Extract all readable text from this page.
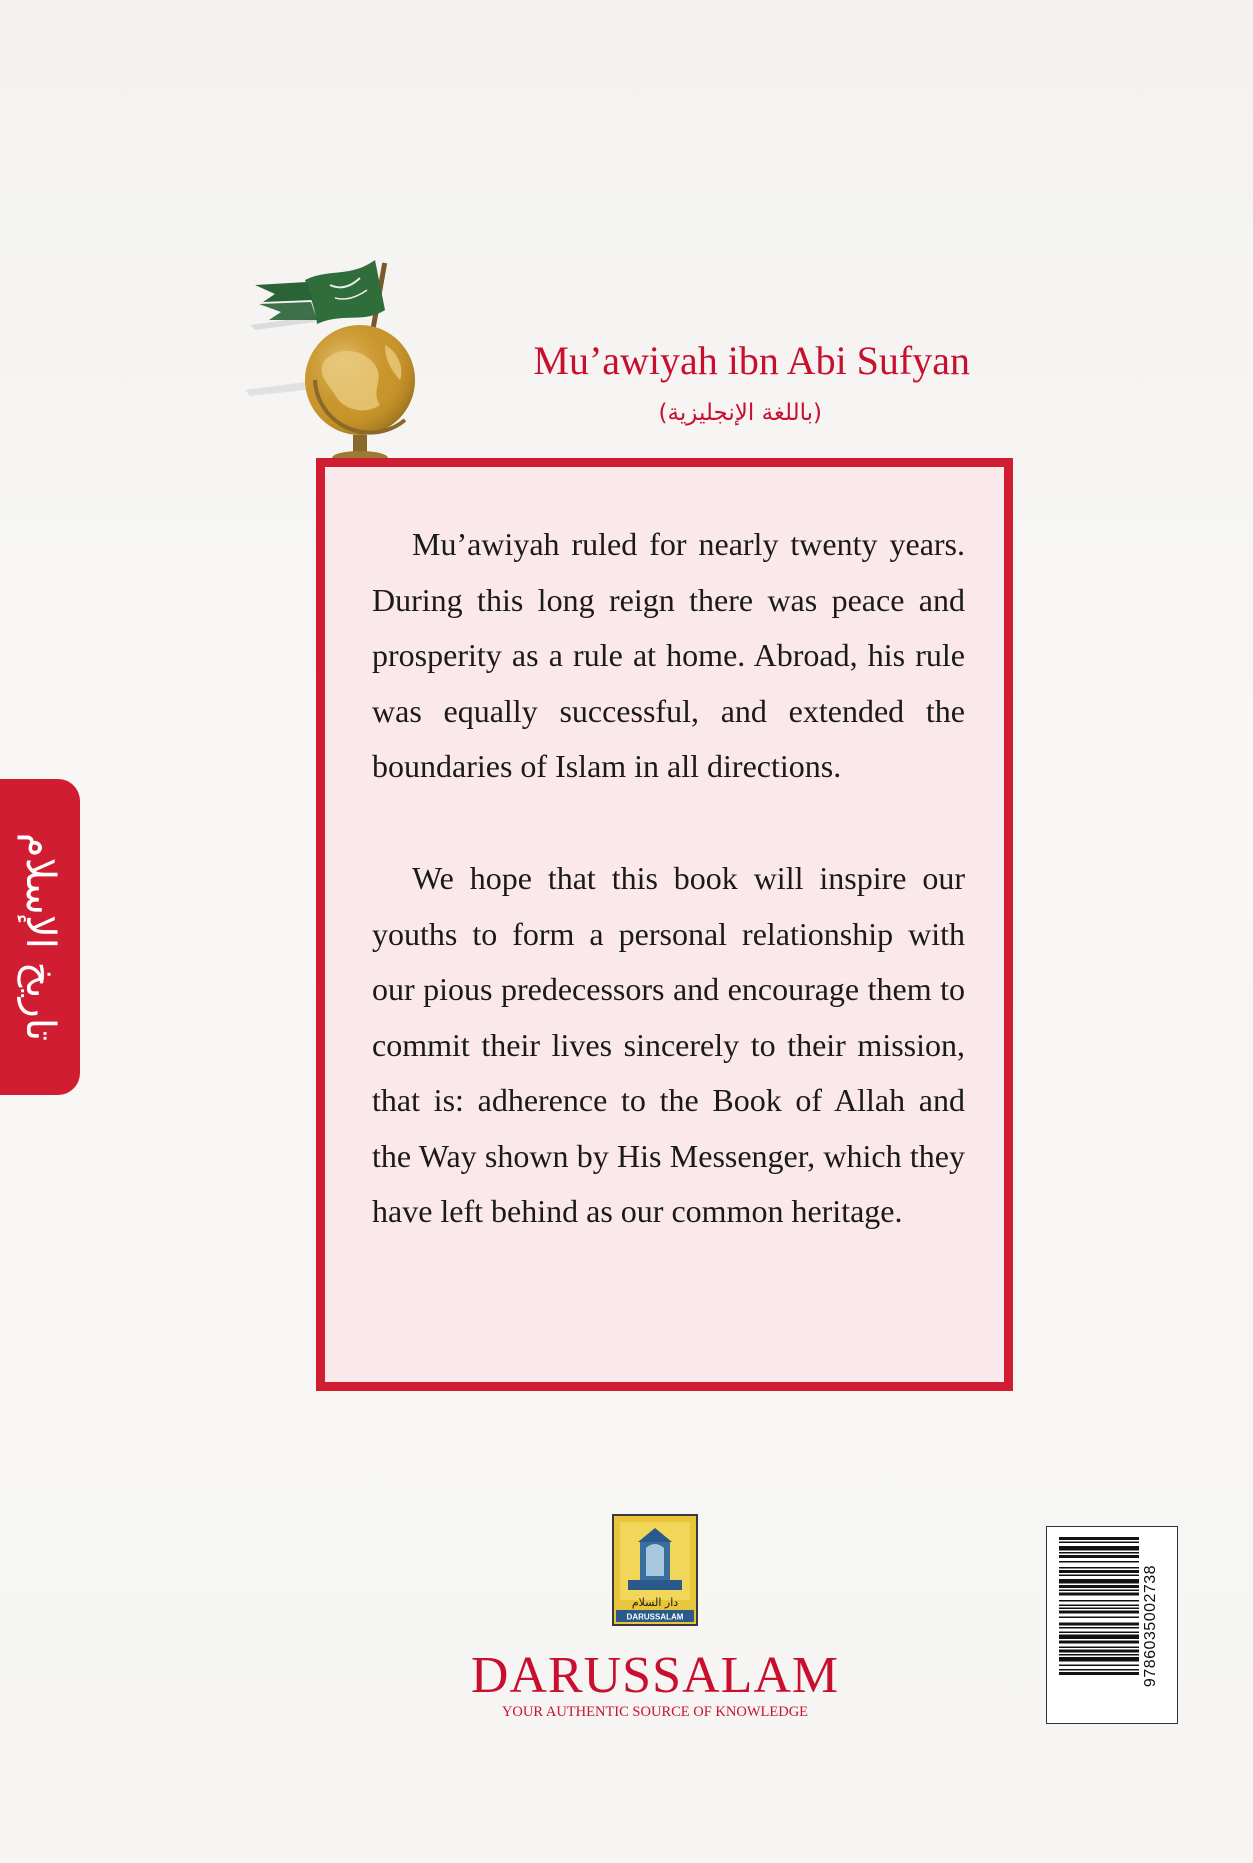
Mu’awiyah ibn Abi Sufyan
(باللغة الإنجليزية)

Mu’awiyah ruled for nearly twenty years. During this long reign there was peace and prosperity as a rule at home. Abroad, his rule was equally successful, and extended the boundaries of Islam in all directions.

We hope that this book will inspire our youths to form a personal relationship with our pious predecessors and encourage them to commit their lives sincerely to their mission, that is: adherence to the Book of Allah and the Way shown by His Messenger, which they have left behind as our common heritage.

تاريخ الإسلام
DARUSSALAM
دار السلام
DARUSSALAM
YOUR AUTHENTIC SOURCE OF KNOWLEDGE
9786035002738
